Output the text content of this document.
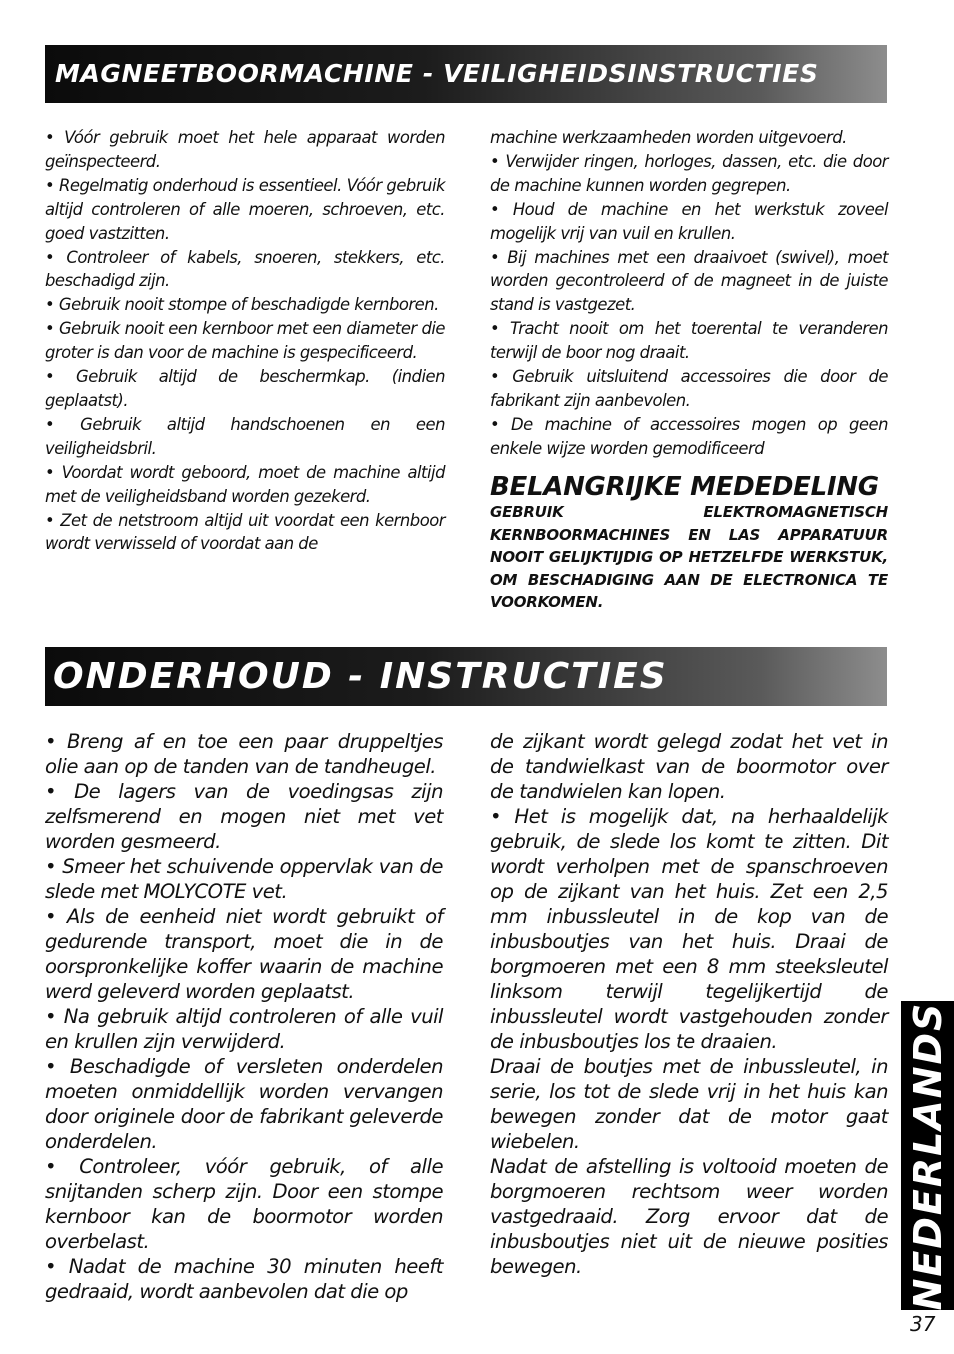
MAGNEETBOORMACHINE - VEILIGHEIDSINSTRUCTIES
• Vóór gebruik moet het hele apparaat worden geïnspecteerd.
• Regelmatig onderhoud is essentieel. Vóór gebruik altijd controleren of alle moeren, schroeven, etc. goed vastzitten.
• Controleer of kabels, snoeren, stekkers, etc. beschadigd zijn.
• Gebruik nooit stompe of beschadigde kernboren.
• Gebruik nooit een kernboor met een diameter die groter is dan voor de machine is gespecificeerd.
• Gebruik altijd de beschermkap. (indien geplaatst).
• Gebruik altijd handschoenen en een veiligheidsbril.
• Voordat wordt geboord, moet de machine altijd met de veiligheidsband worden gezekerd.
• Zet de netstroom altijd uit voordat een kernboor wordt verwisseld of voordat aan de
machine werkzaamheden worden uitgevoerd.
• Verwijder ringen, horloges, dassen, etc. die door de machine kunnen worden gegrepen.
• Houd de machine en het werkstuk zoveel mogelijk vrij van vuil en krullen.
• Bij machines met een draaivoet (swivel), moet worden gecontroleerd of de magneet in de juiste stand is vastgezet.
• Tracht nooit om het toerental te veranderen terwijl de boor nog draait.
• Gebruik uitsluitend accessoires die door de fabrikant zijn aanbevolen.
• De machine of accessoires mogen op geen enkele wijze worden gemodificeerd

BELANGRIJKE MEDEDELING

GEBRUIK ELEKTROMAGNETISCH KERNBOORMACHINES EN LAS APPARATUUR NOOIT GELIJKTIJDIG OP HETZELFDE WERKSTUK, OM BESCHADIGING AAN DE ELECTRONICA TE VOORKOMEN.

ONDERHOUD - INSTRUCTIES
• Breng af en toe een paar druppeltjes olie aan op de tanden van de tandheugel.
• De lagers van de voedingsas zijn zelfsmerend en mogen niet met vet worden gesmeerd.
• Smeer het schuivende oppervlak van de slede met MOLYCOTE vet.
• Als de eenheid niet wordt gebruikt of gedurende transport, moet die in de oorspronkelijke koffer waarin de machine werd geleverd worden geplaatst.
• Na gebruik altijd controleren of alle vuil en krullen zijn verwijderd.
• Beschadigde of versleten onderdelen moeten onmiddellijk worden vervangen door originele door de fabrikant geleverde onderdelen.
• Controleer, vóór gebruik, of alle snijtanden scherp zijn. Door een stompe kernboor kan de boormotor worden overbelast.
• Nadat de machine 30 minuten heeft gedraaid, wordt aanbevolen dat die op
de zijkant wordt gelegd zodat het vet in de tandwielkast van de boormotor over de tandwielen kan lopen.
• Het is mogelijk dat, na herhaaldelijk gebruik, de slede los komt te zitten. Dit wordt verholpen met de spanschroeven op de zijkant van het huis. Zet een 2,5 mm inbussleutel in de kop van de inbusboutjes van het huis. Draai de borgmoeren met een 8 mm steeksleutel linksom terwijl tegelijkertijd de inbussleutel wordt vastgehouden zonder de inbusboutjes los te draaien.
Draai de boutjes met de inbussleutel, in serie, los tot de slede vrij in het huis kan bewegen zonder dat de motor gaat wiebelen.
Nadat de afstelling is voltooid moeten de borgmoeren rechtsom weer worden vastgedraaid. Zorg ervoor dat de inbusboutjes niet uit de nieuwe posities bewegen.	NEDERLANDS
37
